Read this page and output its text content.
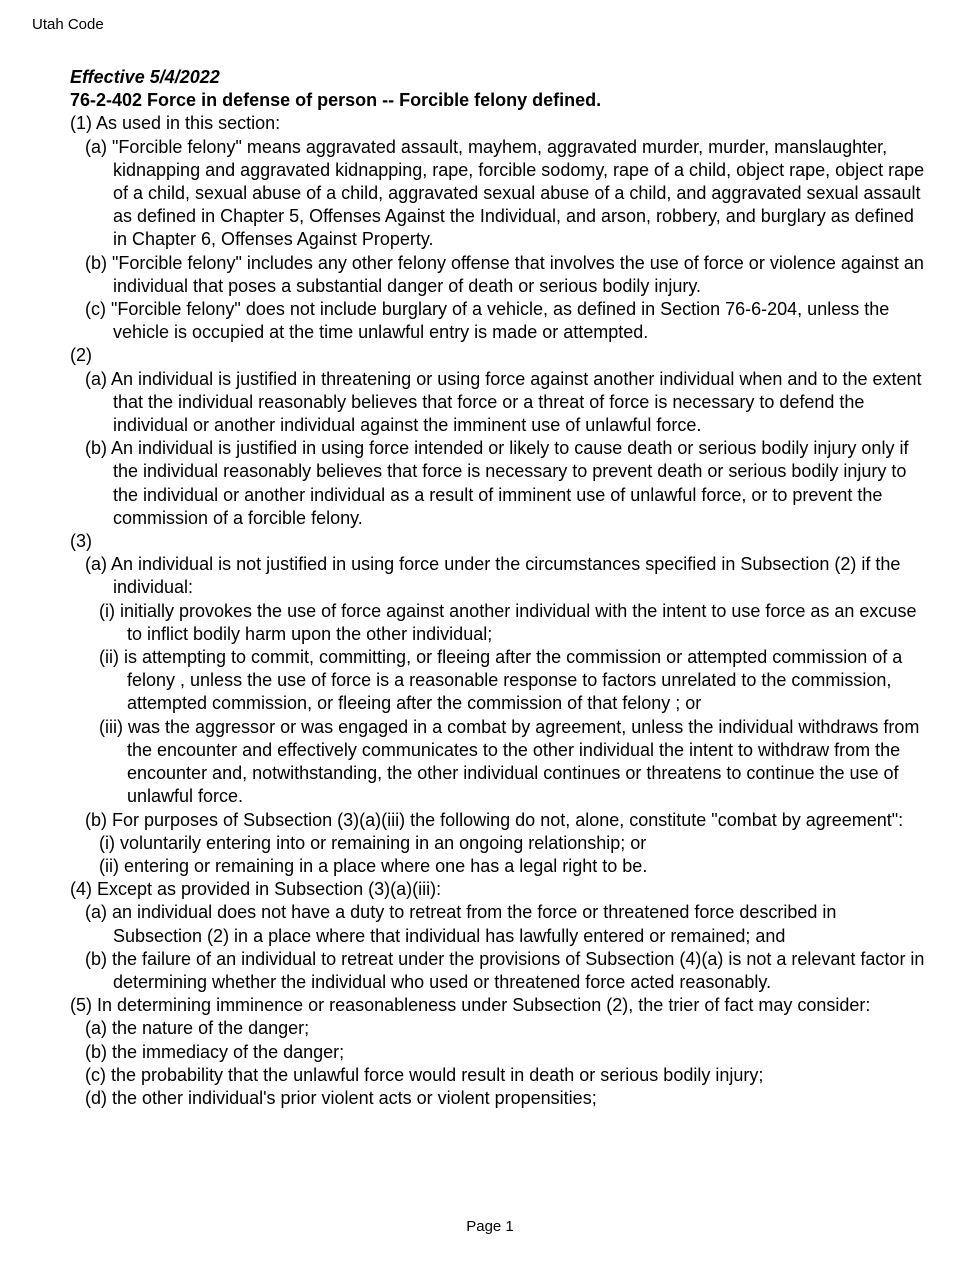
Utah Code
Effective 5/4/2022
76-2-402 Force in defense of person -- Forcible felony defined.
(1) As used in this section:
(a) "Forcible felony" means aggravated assault, mayhem, aggravated murder, murder, manslaughter, kidnapping and aggravated kidnapping, rape, forcible sodomy, rape of a child, object rape, object rape of a child, sexual abuse of a child, aggravated sexual abuse of a child, and aggravated sexual assault as defined in Chapter 5, Offenses Against the Individual, and arson, robbery, and burglary as defined in Chapter 6, Offenses Against Property.
(b) "Forcible felony" includes any other felony offense that involves the use of force or violence against an individual that poses a substantial danger of death or serious bodily injury.
(c) "Forcible felony" does not include burglary of a vehicle, as defined in Section 76-6-204, unless the vehicle is occupied at the time unlawful entry is made or attempted.
(2)
(a) An individual is justified in threatening or using force against another individual when and to the extent that the individual reasonably believes that force or a threat of force is necessary to defend the individual or another individual against the imminent use of unlawful force.
(b) An individual is justified in using force intended or likely to cause death or serious bodily injury only if the individual reasonably believes that force is necessary to prevent death or serious bodily injury to the individual or another individual as a result of imminent use of unlawful force, or to prevent the commission of a forcible felony.
(3)
(a) An individual is not justified in using force under the circumstances specified in Subsection (2) if the individual:
(i) initially provokes the use of force against another individual with the intent to use force as an excuse to inflict bodily harm upon the other individual;
(ii) is attempting to commit, committing, or fleeing after the commission or attempted commission of a felony , unless the use of force is a reasonable response to factors unrelated to the commission, attempted commission, or fleeing after the commission of that felony ; or
(iii) was the aggressor or was engaged in a combat by agreement, unless the individual withdraws from the encounter and effectively communicates to the other individual the intent to withdraw from the encounter and, notwithstanding, the other individual continues or threatens to continue the use of unlawful force.
(b) For purposes of Subsection (3)(a)(iii) the following do not, alone, constitute "combat by agreement":
(i) voluntarily entering into or remaining in an ongoing relationship; or
(ii) entering or remaining in a place where one has a legal right to be.
(4) Except as provided in Subsection (3)(a)(iii):
(a) an individual does not have a duty to retreat from the force or threatened force described in Subsection (2) in a place where that individual has lawfully entered or remained; and
(b) the failure of an individual to retreat under the provisions of Subsection (4)(a) is not a relevant factor in determining whether the individual who used or threatened force acted reasonably.
(5) In determining imminence or reasonableness under Subsection (2), the trier of fact may consider:
(a) the nature of the danger;
(b) the immediacy of the danger;
(c) the probability that the unlawful force would result in death or serious bodily injury;
(d) the other individual's prior violent acts or violent propensities;
Page 1
